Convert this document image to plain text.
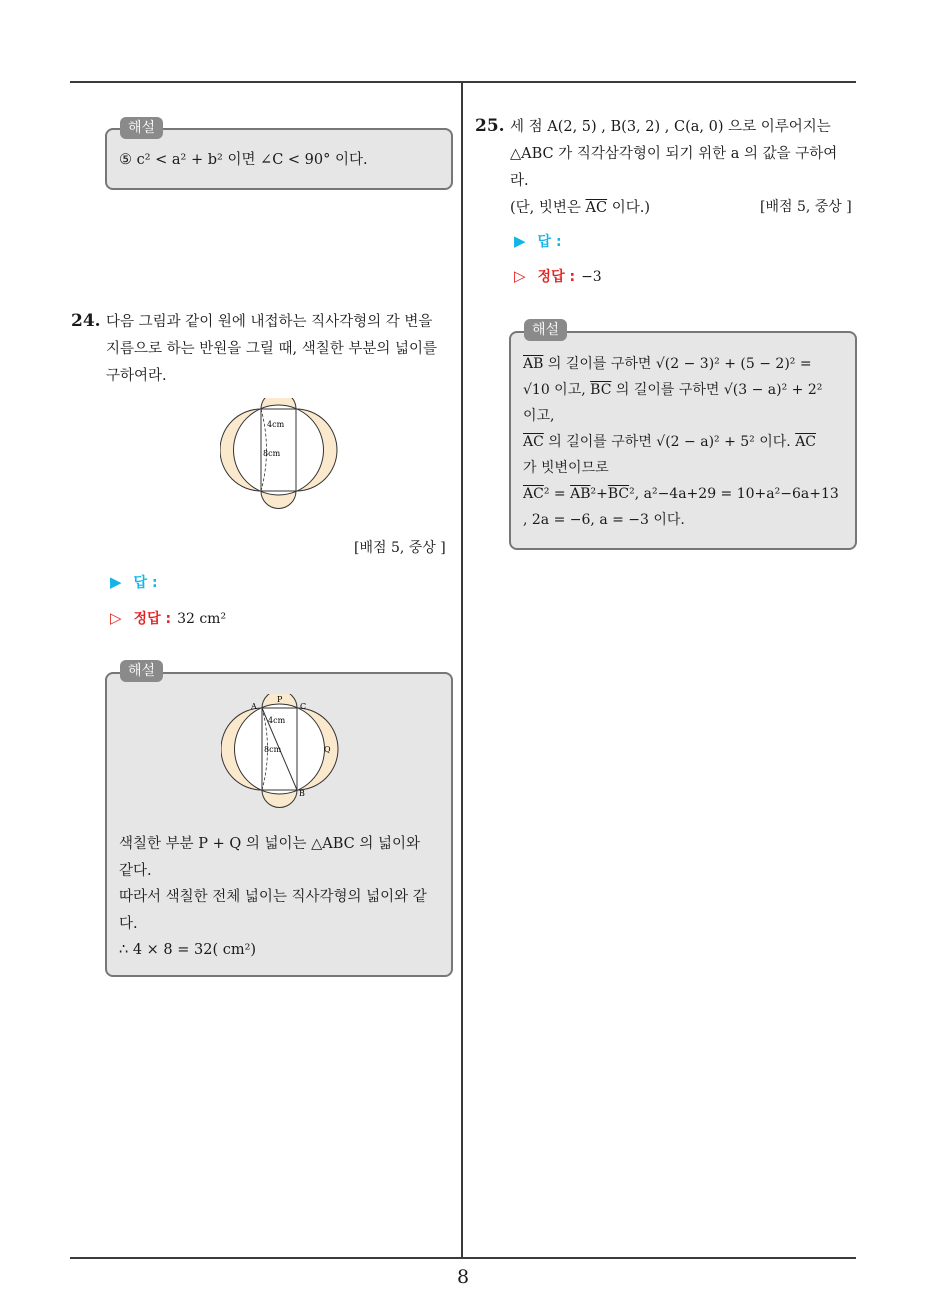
8
⑤ c² < a² + b² 이면 ∠C < 90° 이다.
해설
24. 다음 그림과 같이 원에 내접하는 직사각형의 각 변을
지름으로 하는 반원을 그릴 때, 색칠한 부분의 넓이를
구하여라.
4cm
8cm
[배점 5, 중상 ]
▶ 답 :
▷ 정답 : 32 cm²
A
P
C
Q
B
4cm
8cm
색칠한 부분 P + Q 의 넓이는 △ABC 의 넓이와
같다.
따라서 색칠한 전체 넓이는 직사각형의 넓이와 같
다.
∴ 4 × 8 = 32( cm²)
해설
25. 세 점 A(2, 5) , B(3, 2) , C(a, 0) 으로 이루어지는
△ABC 가 직각삼각형이 되기 위한 a 의 값을 구하여
라.
(단, 빗변은 $\overline{AC}$ 이다.)	[배점 5, 중상 ]
▶ 답 :
▷ 정답 : −3
$\overline{AB}$ 의 길이를 구하면 √(2 − 3)² + (5 − 2)² =
√10 이고, $\overline{BC}$ 의 길이를 구하면 √(3 − a)² + 2²
이고,
$\overline{AC}$ 의 길이를 구하면 √(2 − a)² + 5² 이다. $\overline{AC}$
가 빗변이므로
$\overline{AC}^2 = \overline{AB}^2+\overline{BC}^2$, a²−4a+29 = 10+a²−6a+13
, 2a = −6, a = −3 이다.
해설
